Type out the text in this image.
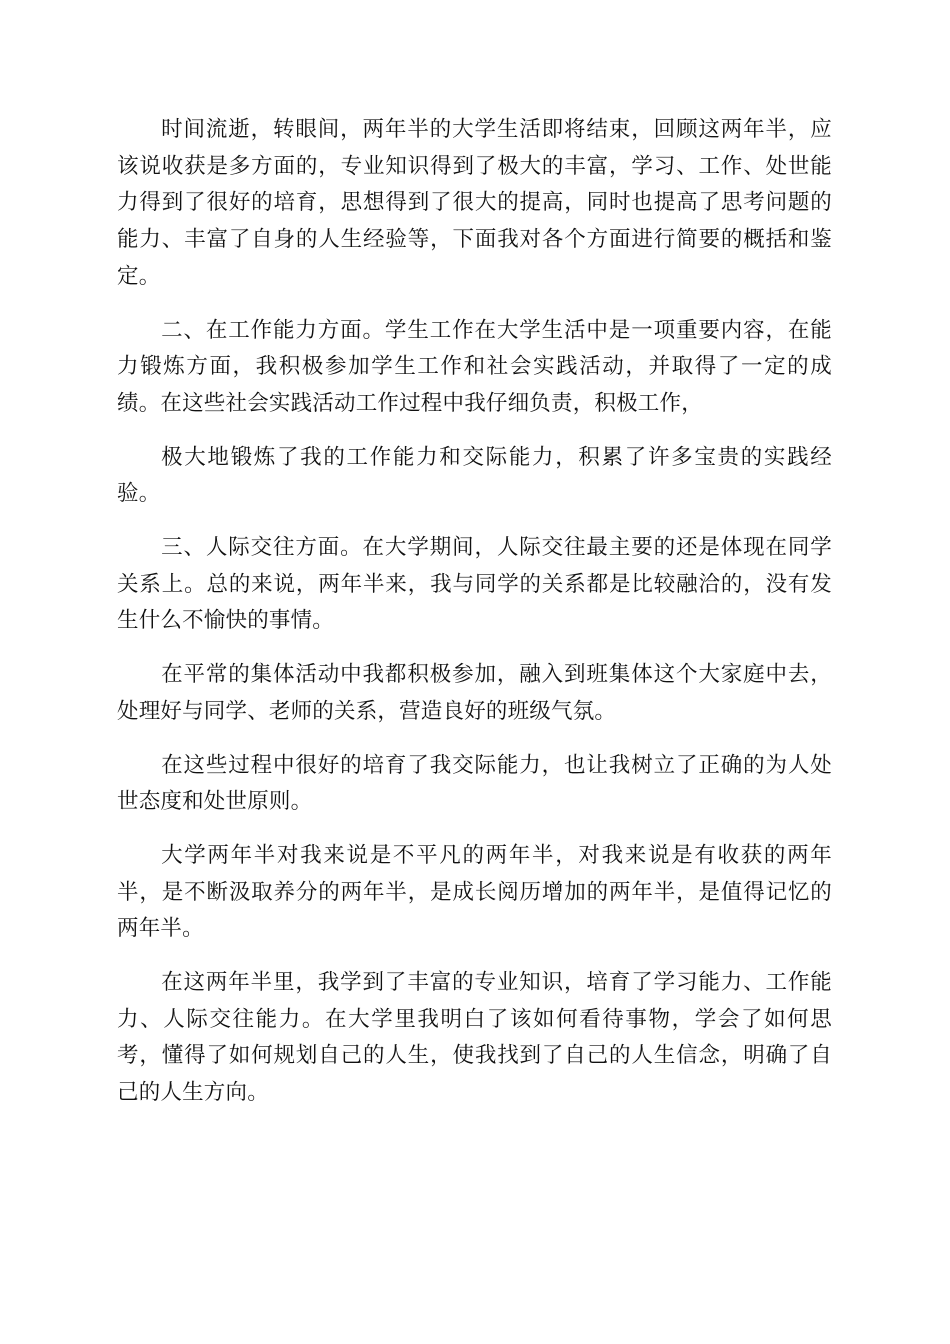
时间流逝，转眼间，两年半的大学生活即将结束，回顾这两年半，应该说收获是多方面的，专业知识得到了极大的丰富，学习、工作、处世能力得到了很好的培育，思想得到了很大的提高，同时也提高了思考问题的能力、丰富了自身的人生经验等，下面我对各个方面进行简要的概括和鉴定。

二、在工作能力方面。学生工作在大学生活中是一项重要内容，在能力锻炼方面，我积极参加学生工作和社会实践活动，并取得了一定的成绩。在这些社会实践活动工作过程中我仔细负责，积极工作，

极大地锻炼了我的工作能力和交际能力，积累了许多宝贵的实践经验。

三、人际交往方面。在大学期间，人际交往最主要的还是体现在同学关系上。总的来说，两年半来，我与同学的关系都是比较融洽的，没有发生什么不愉快的事情。

在平常的集体活动中我都积极参加，融入到班集体这个大家庭中去，处理好与同学、老师的关系，营造良好的班级气氛。

在这些过程中很好的培育了我交际能力，也让我树立了正确的为人处世态度和处世原则。

大学两年半对我来说是不平凡的两年半，对我来说是有收获的两年半，是不断汲取养分的两年半，是成长阅历增加的两年半，是值得记忆的两年半。

在这两年半里，我学到了丰富的专业知识，培育了学习能力、工作能力、人际交往能力。在大学里我明白了该如何看待事物，学会了如何思考，懂得了如何规划自己的人生，使我找到了自己的人生信念，明确了自己的人生方向。
